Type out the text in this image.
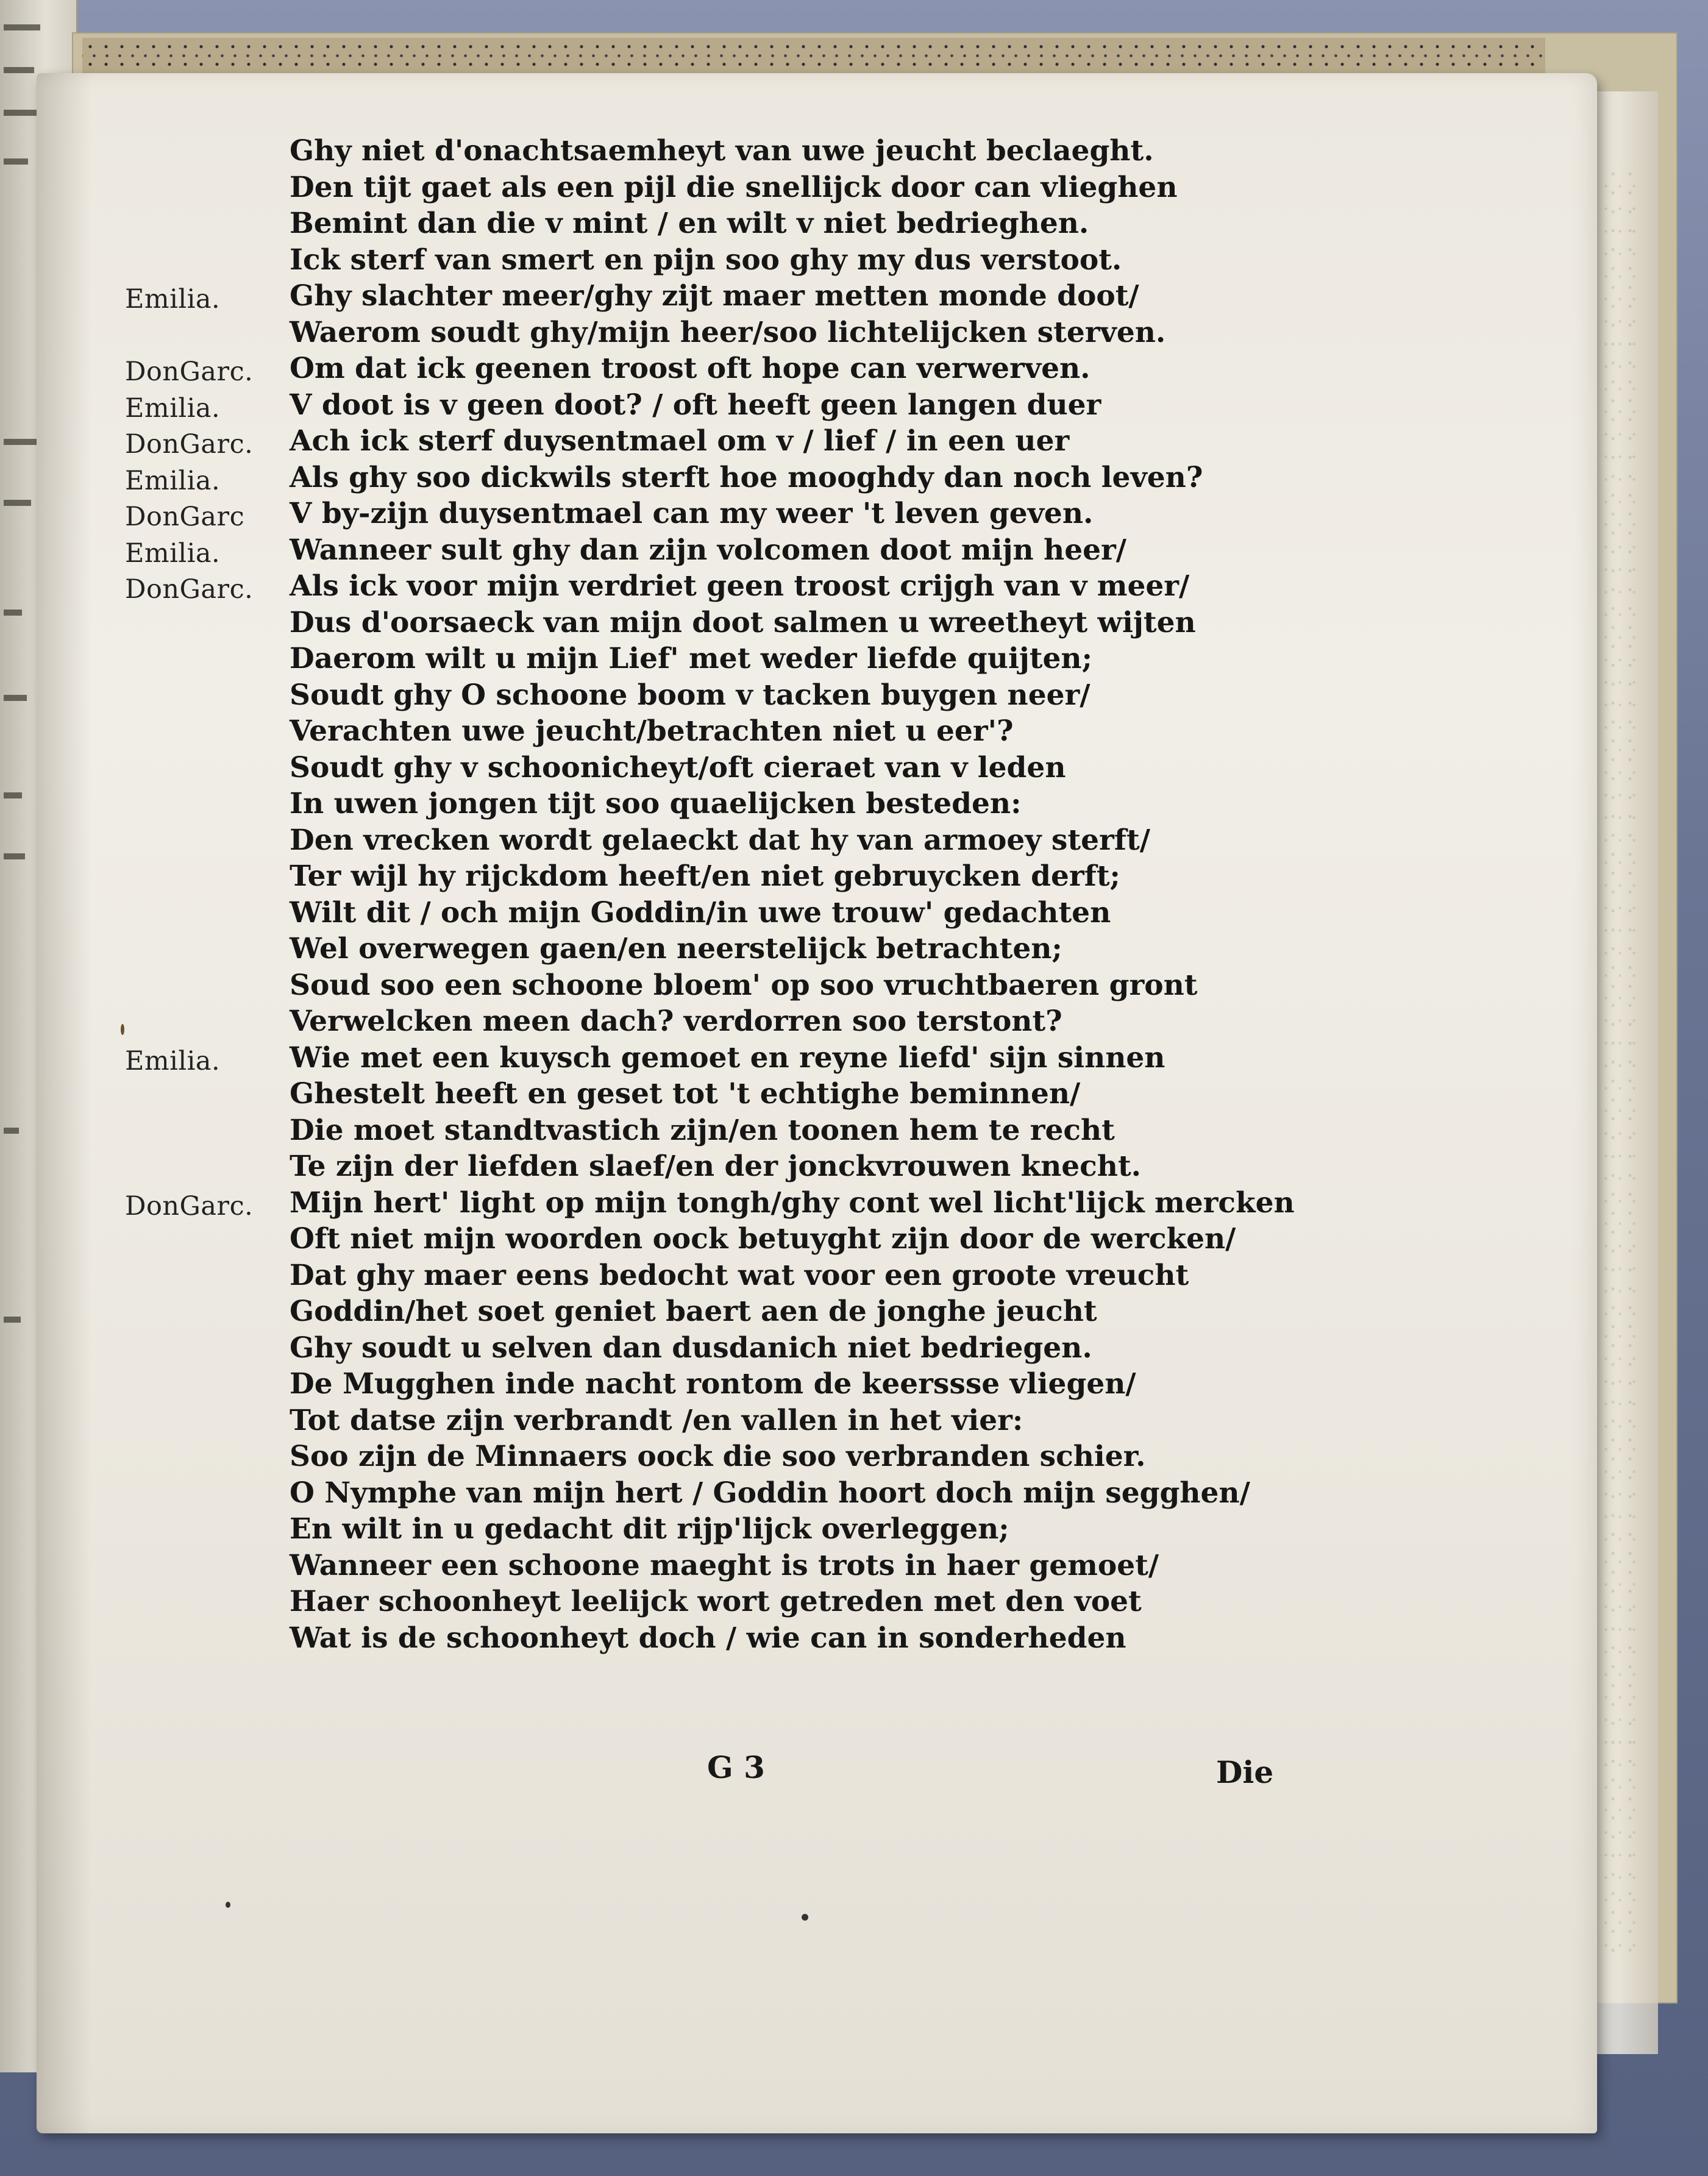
Ghy niet d'onachtsaemheyt van uwe jeucht beclaeght.
Den tijt gaet als een pijl die snellijck door can vlieghen
Bemint dan die v mint / en wilt v niet bedrieghen.
Ick sterf van smert en pijn soo ghy my dus verstoot.
Emilia. Ghy slachter meer/ghy zijt maer metten monde doot/
Waerom soudt ghy/mijn heer/soo lichtelijcken sterven.
DonGarc. Om dat ick geenen troost oft hope can verwerven.
Emilia. V doot is v geen doot? / oft heeft geen langen duer
DonGarc. Ach ick sterf duysentmael om v / lief / in een uer
Emilia. Als ghy soo dickwils sterft hoe mooghdy dan noch leven?
DonGarc V by-zijn duysentmael can my weer 't leven geven.
Emilia. Wanneer sult ghy dan zijn volcomen doot mijn heer/
DonGarc. Als ick voor mijn verdriet geen troost crijgh van v meer/
Dus d'oorsaeck van mijn doot salmen u wreetheyt wijten
Daerom wilt u mijn Lief' met weder liefde quijten;
Soudt ghy O schoone boom v tacken buygen neer/
Verachten uwe jeucht/betrachten niet u eer'?
Soudt ghy v schoonicheyt/oft cieraet van v leden
In uwen jongen tijt soo quaelijcken besteden:
Den vrecken wordt gelaeckt dat hy van armoey sterft/
Ter wijl hy rijckdom heeft/en niet gebruycken derft;
Wilt dit / och mijn Goddin/in uwe trouw' gedachten
Wel overwegen gaen/en neerstelijck betrachten;
Soud soo een schoone bloem' op soo vruchtbaeren gront
Verwelcken meen dach? verdorren soo terstont?
Emilia. Wie met een kuysch gemoet en reyne liefd' sijn sinnen
Ghestelt heeft en geset tot 't echtighe beminnen/
Die moet standtvastich zijn/en toonen hem te recht
Te zijn der liefden slaef/en der jonckvrouwen knecht.
DonGarc. Mijn hert' light op mijn tongh/ghy cont wel licht'lijck mercken
Oft niet mijn woorden oock betuyght zijn door de wercken/
Dat ghy maer eens bedocht wat voor een groote vreucht
Goddin/het soet geniet baert aen de jonghe jeucht
Ghy soudt u selven dan dusdanich niet bedriegen.
De Mugghen inde nacht rontom de keerssse vliegen/
Tot datse zijn verbrandt /en vallen in het vier:
Soo zijn de Minnaers oock die soo verbranden schier.
O Nymphe van mijn hert / Goddin hoort doch mijn segghen/
En wilt in u gedacht dit rijp'lijck overleggen;
Wanneer een schoone maeght is trots in haer gemoet/
Haer schoonheyt leelijck wort getreden met den voet
Wat is de schoonheyt doch / wie can in sonderheden
G 3	Die
